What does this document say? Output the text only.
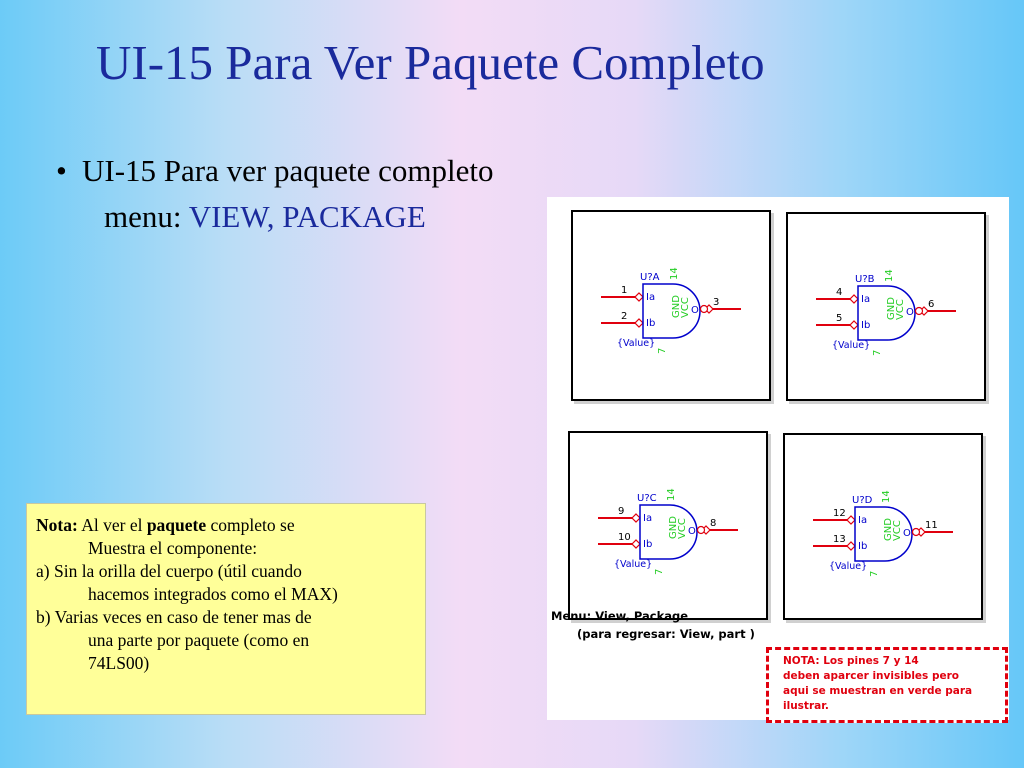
UI-15 Para Ver Paquete Completo
• UI-15 Para ver paquete completo
menu: VIEW, PACKAGE
Nota: Al ver el paquete completo se
Muestra el componente:
a) Sin la orilla del cuerpo (útil cuando
hacemos integrados como el MAX)
b) Varias veces en caso de tener mas de
una parte por paquete (como en
74LS00)
U?A
1
2
3
Ia
Ib
O
{Value}
GND
VCC
14
7
U?B
4
5
6
Ia
Ib
O
{Value}
GND
VCC
14
7
U?C
9
10
8
Ia
Ib
O
{Value}
GND
VCC
14
7
U?D
12
13
11
Ia
Ib
O
{Value}
GND
VCC
14
7
Menu: View, Package
(para regresar: View, part )
NOTA: Los pines 7 y 14
deben aparcer invisibles pero
aqui se muestran en verde para
ilustrar.
